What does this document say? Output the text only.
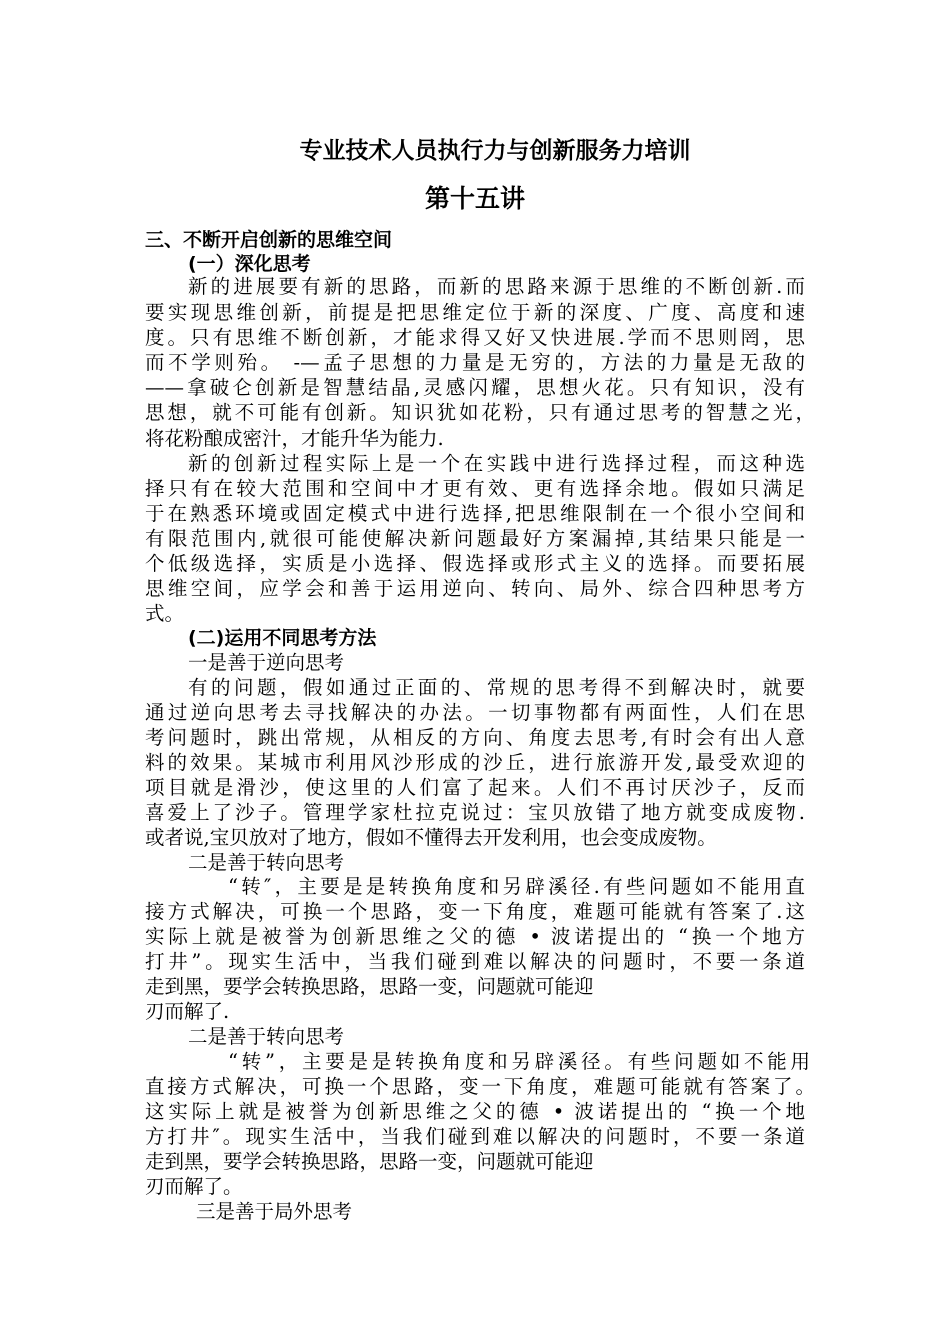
专业技术人员执行力与创新服务力培训
第十五讲
三、不断开启创新的思维空间
(一）深化思考
新的进展要有新的思路，而新的思路来源于思维的不断创新.而
要实现思维创新，前提是把思维定位于新的深度、广度、高度和速
度。只有思维不断创新，才能求得又好又快进展.学而不思则罔，思
而不学则殆。 -—孟子思想的力量是无穷的，方法的力量是无敌的
——拿破仑创新是智慧结晶,灵感闪耀，思想火花。只有知识，没有
思想，就不可能有创新。知识犹如花粉，只有通过思考的智慧之光，
将花粉酿成密汁，才能升华为能力.
新的创新过程实际上是一个在实践中进行选择过程，而这种选
择只有在较大范围和空间中才更有效、更有选择余地。假如只满足
于在熟悉环境或固定模式中进行选择,把思维限制在一个很小空间和
有限范围内,就很可能使解决新问题最好方案漏掉,其结果只能是一
个低级选择，实质是小选择、假选择或形式主义的选择。而要拓展
思维空间，应学会和善于运用逆向、转向、局外、综合四种思考方
式。
(二)运用不同思考方法
一是善于逆向思考
有的问题，假如通过正面的、常规的思考得不到解决时，就要
通过逆向思考去寻找解决的办法。一切事物都有两面性，人们在思
考问题时，跳出常规，从相反的方向、角度去思考,有时会有出人意
料的效果。某城市利用风沙形成的沙丘，进行旅游开发,最受欢迎的
项目就是滑沙，使这里的人们富了起来。人们不再讨厌沙子，反而
喜爱上了沙子。管理学家杜拉克说过：宝贝放错了地方就变成废物.
或者说,宝贝放对了地方，假如不懂得去开发利用，也会变成废物。
二是善于转向思考
“转″，主要是是转换角度和另辟溪径.有些问题如不能用直
接方式解决，可换一个思路，变一下角度，难题可能就有答案了.这
实际上就是被誉为创新思维之父的德 • 波诺提出的 “换一个地方
打井”。现实生活中，当我们碰到难以解决的问题时，不要一条道
走到黑，要学会转换思路，思路一变，问题就可能迎
刃而解了.
二是善于转向思考
“转”，主要是是转换角度和另辟溪径。有些问题如不能用
直接方式解决，可换一个思路，变一下角度，难题可能就有答案了。
这实际上就是被誉为创新思维之父的德 • 波诺提出的 “换一个地
方打井″。现实生活中，当我们碰到难以解决的问题时，不要一条道
走到黑，要学会转换思路，思路一变，问题就可能迎
刃而解了。
三是善于局外思考
